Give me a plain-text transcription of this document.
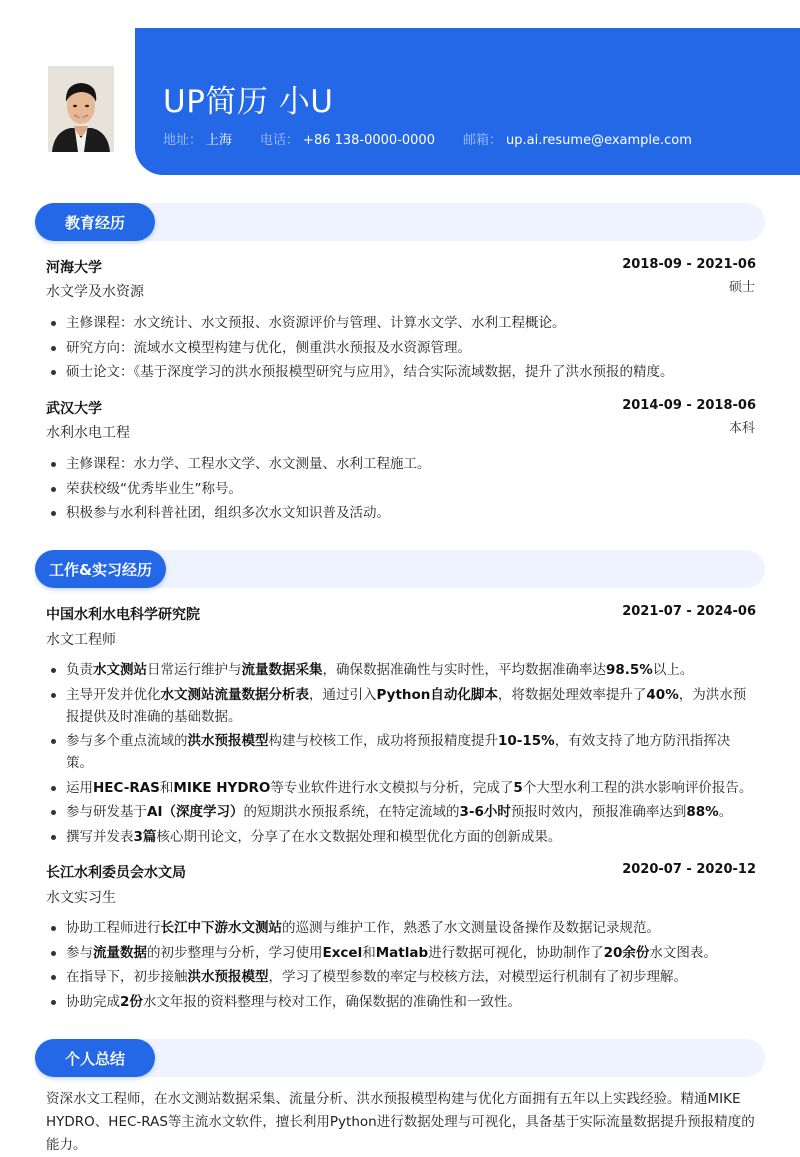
UP简历 小U
地址： 上海 电话： +86 138-0000-0000 邮箱： up.ai.resume@example.com
教育经历
河海大学	2018-09 - 2021-06
水文学及水资源	硕士
主修课程：水文统计、水文预报、水资源评价与管理、计算水文学、水利工程概论。
研究方向：流域水文模型构建与优化，侧重洪水预报及水资源管理。
硕士论文：《基于深度学习的洪水预报模型研究与应用》，结合实际流域数据，提升了洪水预报的精度。
武汉大学	2014-09 - 2018-06
水利水电工程	本科
主修课程：水力学、工程水文学、水文测量、水利工程施工。
荣获校级“优秀毕业生”称号。
积极参与水利科普社团，组织多次水文知识普及活动。
工作&实习经历
中国水利水电科学研究院	2021-07 - 2024-06
水文工程师
负责水文测站日常运行维护与流量数据采集，确保数据准确性与实时性，平均数据准确率达98.5%以上。
主导开发并优化水文测站流量数据分析表，通过引入Python自动化脚本，将数据处理效率提升了40%，为洪水预报提供及时准确的基础数据。
参与多个重点流域的洪水预报模型构建与校核工作，成功将预报精度提升10-15%，有效支持了地方防汛指挥决策。
运用HEC-RAS和MIKE HYDRO等专业软件进行水文模拟与分析，完成了5个大型水利工程的洪水影响评价报告。
参与研发基于AI（深度学习）的短期洪水预报系统，在特定流域的3-6小时预报时效内，预报准确率达到88%。
撰写并发表3篇核心期刊论文，分享了在水文数据处理和模型优化方面的创新成果。
长江水利委员会水文局	2020-07 - 2020-12
水文实习生
协助工程师进行长江中下游水文测站的巡测与维护工作，熟悉了水文测量设备操作及数据记录规范。
参与流量数据的初步整理与分析，学习使用Excel和Matlab进行数据可视化，协助制作了20余份水文图表。
在指导下，初步接触洪水预报模型，学习了模型参数的率定与校核方法，对模型运行机制有了初步理解。
协助完成2份水文年报的资料整理与校对工作，确保数据的准确性和一致性。
个人总结
资深水文工程师，在水文测站数据采集、流量分析、洪水预报模型构建与优化方面拥有五年以上实践经验。精通MIKE HYDRO、HEC-RAS等主流水文软件，擅长利用Python进行数据处理与可视化，具备基于实际流量数据提升预报精度的能力。
